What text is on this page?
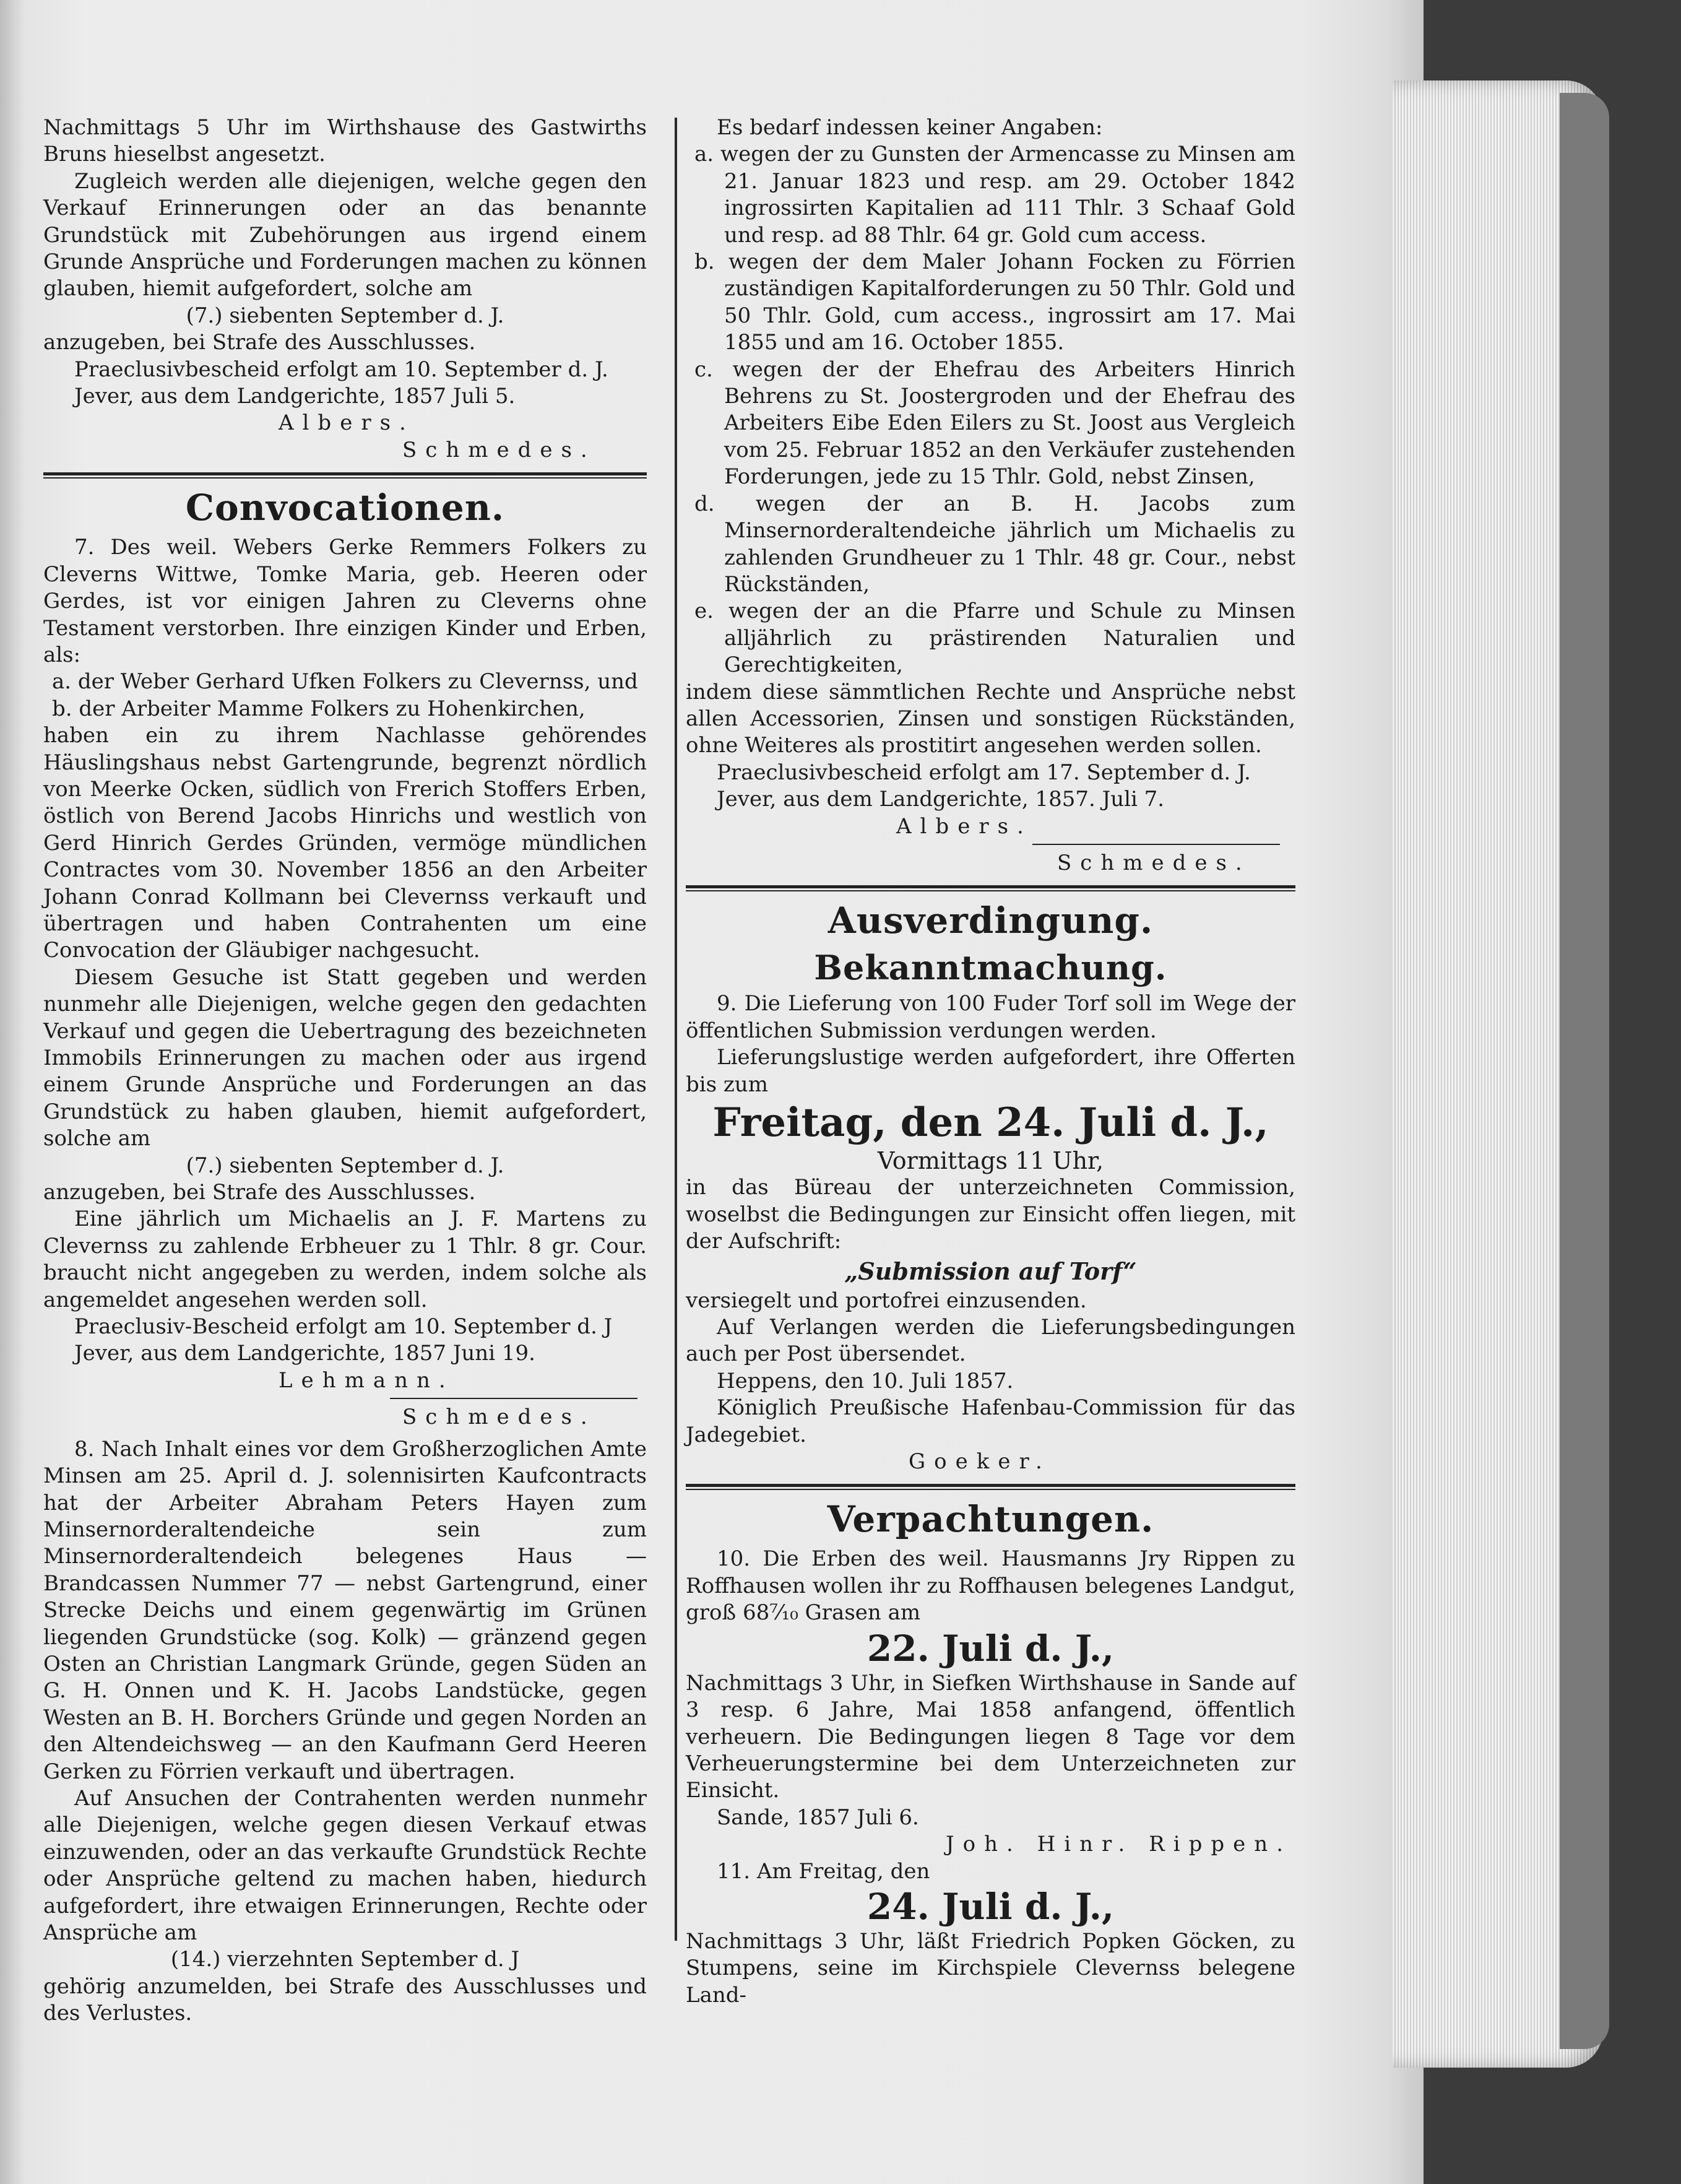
Nachmittags 5 Uhr im Wirthshause des Gastwirths Bruns hieselbst angesetzt.

Zugleich werden alle diejenigen, welche gegen den Verkauf Erinnerungen oder an das benannte Grundstück mit Zubehörungen aus irgend einem Grunde Ansprüche und Forderungen machen zu können glauben, hiemit aufgefordert, solche am

(7.) siebenten September d. J.

anzugeben, bei Strafe des Ausschlusses.

Praeclusivbescheid erfolgt am 10. September d. J.

Jever, aus dem Landgerichte, 1857 Juli 5.

Albers.

Schmedes.

Convocationen.

7. Des weil. Webers Gerke Remmers Folkers zu Cleverns Wittwe, Tomke Maria, geb. Heeren oder Gerdes, ist vor einigen Jahren zu Cleverns ohne Testament verstorben. Ihre einzigen Kinder und Erben, als:

a. der Weber Gerhard Ufken Folkers zu Clevernss, und

b. der Arbeiter Mamme Folkers zu Hohenkirchen,

haben ein zu ihrem Nachlasse gehörendes Häuslingshaus nebst Gartengrunde, begrenzt nördlich von Meerke Ocken, südlich von Frerich Stoffers Erben, östlich von Berend Jacobs Hinrichs und westlich von Gerd Hinrich Gerdes Gründen, vermöge mündlichen Contractes vom 30. November 1856 an den Arbeiter Johann Conrad Kollmann bei Clevernss verkauft und übertragen und haben Contrahenten um eine Convocation der Gläubiger nachgesucht.

Diesem Gesuche ist Statt gegeben und werden nunmehr alle Diejenigen, welche gegen den gedachten Verkauf und gegen die Uebertragung des bezeichneten Immobils Erinnerungen zu machen oder aus irgend einem Grunde Ansprüche und Forderungen an das Grundstück zu haben glauben, hiemit aufgefordert, solche am

(7.) siebenten September d. J.

anzugeben, bei Strafe des Ausschlusses.

Eine jährlich um Michaelis an J. F. Martens zu Clevernss zu zahlende Erbheuer zu 1 Thlr. 8 gr. Cour. braucht nicht angegeben zu werden, indem solche als angemeldet angesehen werden soll.

Praeclusiv-Bescheid erfolgt am 10. September d. J

Jever, aus dem Landgerichte, 1857 Juni 19.

Lehmann.

Schmedes.

8. Nach Inhalt eines vor dem Großherzoglichen Amte Minsen am 25. April d. J. solennisirten Kaufcontracts hat der Arbeiter Abraham Peters Hayen zum Minsernorderaltendeiche sein zum Minsernorderaltendeich belegenes Haus — Brandcassen Nummer 77 — nebst Gartengrund, einer Strecke Deichs und einem gegenwärtig im Grünen liegenden Grundstücke (sog. Kolk) — gränzend gegen Osten an Christian Langmark Gründe, gegen Süden an G. H. Onnen und K. H. Jacobs Landstücke, gegen Westen an B. H. Borchers Gründe und gegen Norden an den Altendeichsweg — an den Kaufmann Gerd Heeren Gerken zu Förrien verkauft und übertragen.

Auf Ansuchen der Contrahenten werden nunmehr alle Diejenigen, welche gegen diesen Verkauf etwas einzuwenden, oder an das verkaufte Grundstück Rechte oder Ansprüche geltend zu machen haben, hiedurch aufgefordert, ihre etwaigen Erinnerungen, Rechte oder Ansprüche am

(14.) vierzehnten September d. J

gehörig anzumelden, bei Strafe des Ausschlusses und des Verlustes.

Es bedarf indessen keiner Angaben:

a. wegen der zu Gunsten der Armencasse zu Minsen am 21. Januar 1823 und resp. am 29. October 1842 ingrossirten Kapitalien ad 111 Thlr. 3 Schaaf Gold und resp. ad 88 Thlr. 64 gr. Gold cum access.

b. wegen der dem Maler Johann Focken zu Förrien zuständigen Kapitalforderungen zu 50 Thlr. Gold und 50 Thlr. Gold, cum access., ingrossirt am 17. Mai 1855 und am 16. October 1855.

c. wegen der der Ehefrau des Arbeiters Hinrich Behrens zu St. Joostergroden und der Ehefrau des Arbeiters Eibe Eden Eilers zu St. Joost aus Vergleich vom 25. Februar 1852 an den Verkäufer zustehenden Forderungen, jede zu 15 Thlr. Gold, nebst Zinsen,

d. wegen der an B. H. Jacobs zum Minsernorderaltendeiche jährlich um Michaelis zu zahlenden Grundheuer zu 1 Thlr. 48 gr. Cour., nebst Rückständen,

e. wegen der an die Pfarre und Schule zu Minsen alljährlich zu prästirenden Naturalien und Gerechtigkeiten,

indem diese sämmtlichen Rechte und Ansprüche nebst allen Accessorien, Zinsen und sonstigen Rückständen, ohne Weiteres als prostitirt angesehen werden sollen.

Praeclusivbescheid erfolgt am 17. September d. J.

Jever, aus dem Landgerichte, 1857. Juli 7.

Albers.

Schmedes.

Ausverdingung.
Bekanntmachung.

9. Die Lieferung von 100 Fuder Torf soll im Wege der öffentlichen Submission verdungen werden.

Lieferungslustige werden aufgefordert, ihre Offerten bis zum

Freitag, den 24. Juli d. J.,

Vormittags 11 Uhr,

in das Büreau der unterzeichneten Commission, woselbst die Bedingungen zur Einsicht offen liegen, mit der Aufschrift:

„Submission auf Torf“

versiegelt und portofrei einzusenden.

Auf Verlangen werden die Lieferungsbedingungen auch per Post übersendet.

Heppens, den 10. Juli 1857.

Königlich Preußische Hafenbau-Commission für das Jadegebiet.

Goeker.

Verpachtungen.

10. Die Erben des weil. Hausmanns Jry Rippen zu Roffhausen wollen ihr zu Roffhausen belegenes Landgut, groß 68⁷⁄₁₀ Grasen am

22. Juli d. J.,

Nachmittags 3 Uhr, in Siefken Wirthshause in Sande auf 3 resp. 6 Jahre, Mai 1858 anfangend, öffentlich verheuern. Die Bedingungen liegen 8 Tage vor dem Verheuerungstermine bei dem Unterzeichneten zur Einsicht.

Sande, 1857 Juli 6.

Joh. Hinr. Rippen.

11. Am Freitag, den

24. Juli d. J.,

Nachmittags 3 Uhr, läßt Friedrich Popken Göcken, zu Stumpens, seine im Kirchspiele Clevernss belegene Land-
